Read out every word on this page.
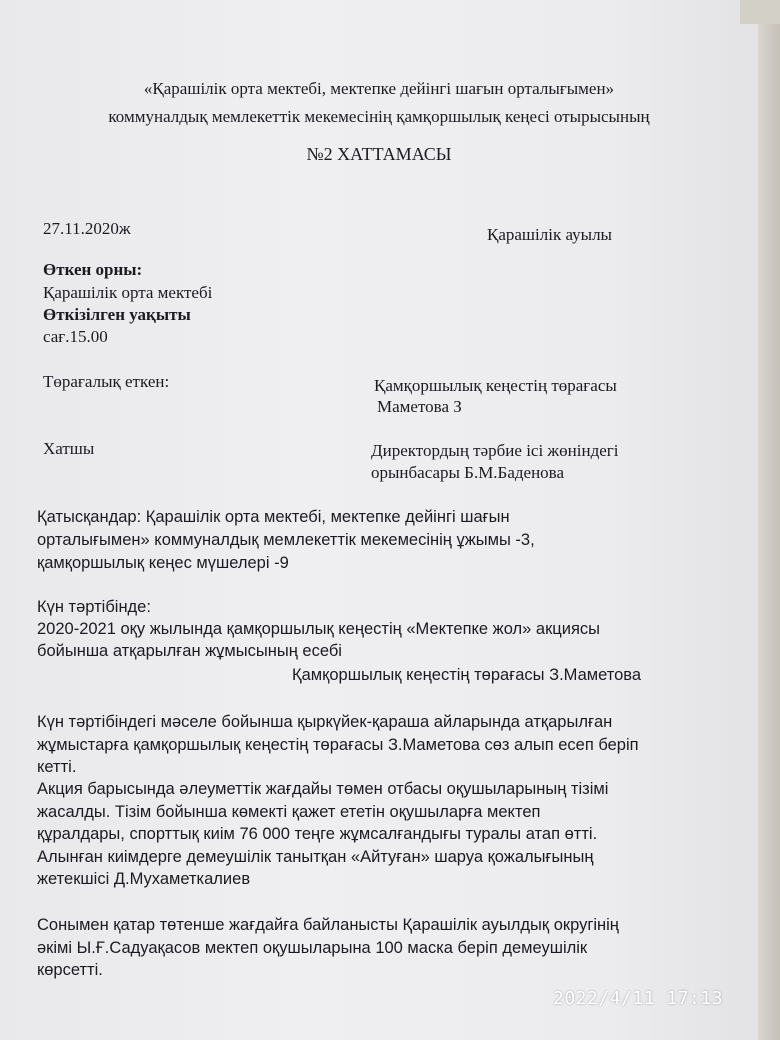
«Қарашілік орта мектебі, мектепке дейінгі шағын орталығымен»
коммуналдық мемлекеттік мекемесінің қамқоршылық кеңесі отырысының
№2 ХАТТАМАСЫ
27.11.2020ж	Қарашілік ауылы
Өткен орны:
Қарашілік орта мектебі
Өткізілген уақыты
сағ.15.00
Төрағалық еткен:	Қамқоршылық кеңестің төрағасы
Маметова З
Хатшы	Директордың тәрбие ісі жөніндегі
орынбасары Б.М.Баденова
Қатысқандар: Қарашілік орта мектебі, мектепке дейінгі шағын
орталығымен» коммуналдық мемлекеттік мекемесінің ұжымы -3,
қамқоршылық кеңес мүшелері -9
Күн тәртібінде:
2020-2021 оқу жылында қамқоршылық кеңестің «Мектепке жол» акциясы
бойынша атқарылған жұмысының есебі
Қамқоршылық кеңестің төрағасы З.Маметова
Күн тәртібіндегі мәселе бойынша қыркүйек-қараша айларында атқарылған
жұмыстарға қамқоршылық кеңестің төрағасы З.Маметова сөз алып есеп беріп
кетті.
Акция барысында әлеуметтік жағдайы төмен отбасы оқушыларының тізімі
жасалды. Тізім бойынша көмекті қажет ететін оқушыларға мектеп
құралдары, спорттық киім 76 000 теңге жұмсалғандығы туралы атап өтті.
Алынған киімдерге демеушілік танытқан «Айтуған» шаруа қожалығының
жетекшісі Д.Мухаметкалиев
Сонымен қатар төтенше жағдайға байланысты Қарашілік ауылдық округінің
әкімі Ы.Ғ.Садуақасов мектеп оқушыларына 100 маска беріп демеушілік
көрсетті.
2022/4/11 17:13
